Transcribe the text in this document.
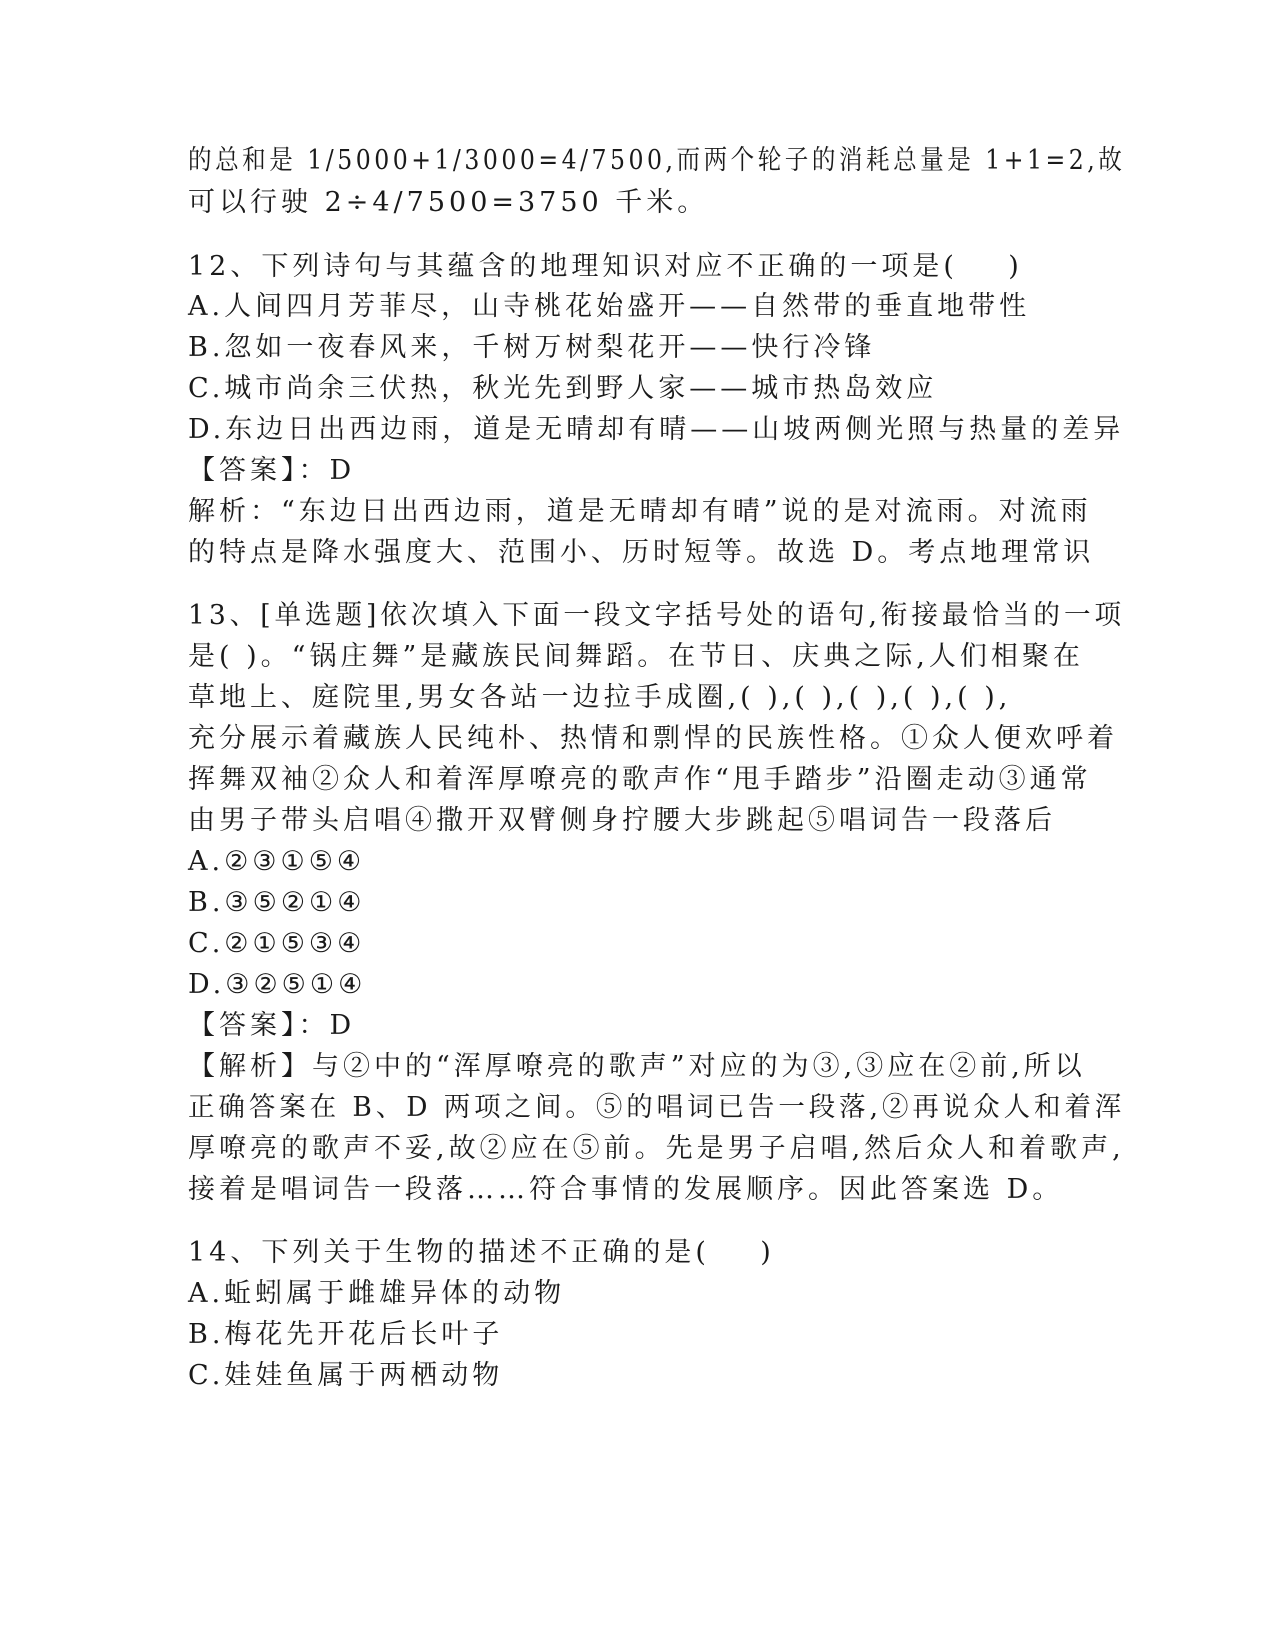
的总和是 1/5000+1/3000=4/7500,而两个轮子的消耗总量是 1+1=2,故
可以行驶 2÷4/7500=3750 千米。
12、下列诗句与其蕴含的地理知识对应不正确的一项是(    )
A.人间四月芳菲尽，山寺桃花始盛开——自然带的垂直地带性
B.忽如一夜春风来，千树万树梨花开——快行冷锋
C.城市尚余三伏热，秋光先到野人家——城市热岛效应
D.东边日出西边雨，道是无晴却有晴——山坡两侧光照与热量的差异
【答案】：D
解析：“东边日出西边雨，道是无晴却有晴”说的是对流雨。对流雨
的特点是降水强度大、范围小、历时短等。故选 D。考点地理常识
13、[单选题]依次填入下面一段文字括号处的语句,衔接最恰当的一项
是( )。“锅庄舞”是藏族民间舞蹈。在节日、庆典之际,人们相聚在
草地上、庭院里,男女各站一边拉手成圈,( ),( ),( ),( ),( ),
充分展示着藏族人民纯朴、热情和剽悍的民族性格。①众人便欢呼着
挥舞双袖②众人和着浑厚嘹亮的歌声作“甩手踏步”沿圈走动③通常
由男子带头启唱④撒开双臂侧身拧腰大步跳起⑤唱词告一段落后
A.②③①⑤④
B.③⑤②①④
C.②①⑤③④
D.③②⑤①④
【答案】：D
【解析】与②中的“浑厚嘹亮的歌声”对应的为③,③应在②前,所以
正确答案在 B、D 两项之间。⑤的唱词已告一段落,②再说众人和着浑
厚嘹亮的歌声不妥,故②应在⑤前。先是男子启唱,然后众人和着歌声,
接着是唱词告一段落……符合事情的发展顺序。因此答案选 D。
14、下列关于生物的描述不正确的是(    )
A.蚯蚓属于雌雄异体的动物
B.梅花先开花后长叶子
C.娃娃鱼属于两栖动物
